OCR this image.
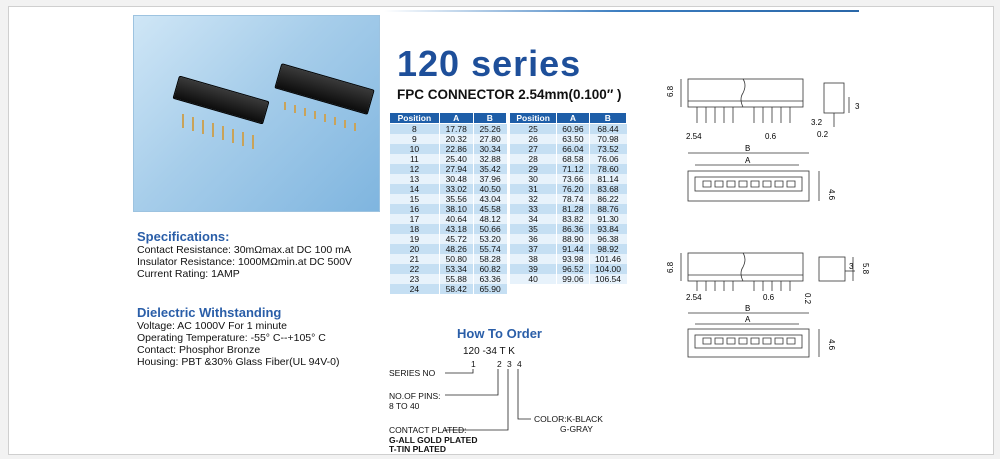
120 series
FPC CONNECTOR 2.54mm(0.100″ )
Position	A	B
8	17.78	25.26
9	20.32	27.80
10	22.86	30.34
11	25.40	32.88
12	27.94	35.42
13	30.48	37.96
14	33.02	40.50
15	35.56	43.04
16	38.10	45.58
17	40.64	48.12
18	43.18	50.66
19	45.72	53.20
20	48.26	55.74
21	50.80	58.28
22	53.34	60.82
23	55.88	63.36
24	58.42	65.90
Position	A	B
25	60.96	68.44
26	63.50	70.98
27	66.04	73.52
28	68.58	76.06
29	71.12	78.60
30	73.66	81.14
31	76.20	83.68
32	78.74	86.22
33	81.28	88.76
34	83.82	91.30
35	86.36	93.84
36	88.90	96.38
37	91.44	98.92
38	93.98	101.46
39	96.52	104.00
40	99.06	106.54
Specifications:
Contact Resistance: 30mΩmax.at DC 100 mA
Insulator Resistance: 1000MΩmin.at DC 500V
Current Rating: 1AMP
Dielectric Withstanding
Voltage: AC 1000V For 1 minute
Operating Temperature: -55° C--+105° C
Contact: Phosphor Bronze
Housing: PBT &30% Glass Fiber(UL 94V-0)
How To Order
120 -34 T K
1	2 3 4
SERIES NO
NO.OF PINS:
8 TO 40
CONTACT PLATED:
G-ALL GOLD PLATED
T-TIN PLATED
COLOR:K-BLACK
G-GRAY
6.8
2.54	0.6
3
3.2
0.2
B
A
4.6
6.8
2.54	0.6
3 5.8
0.2
B
A
4.6
